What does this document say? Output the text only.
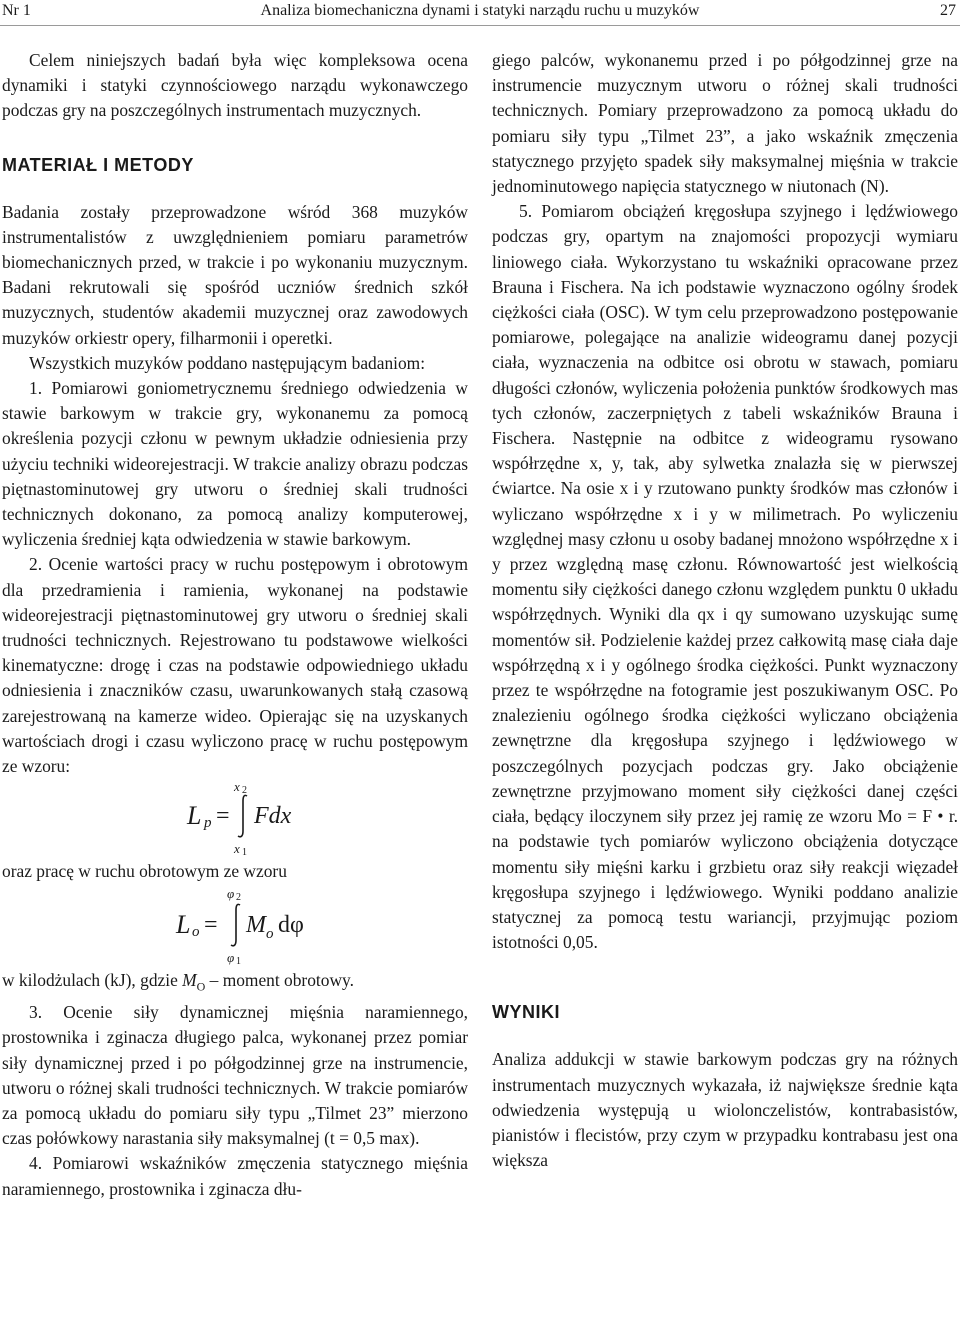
Nr 1	Analiza biomechaniczna dynami i statyki narządu ruchu u muzyków	27

Celem niniejszych badań była więc kompleksowa ocena dynamiki i statyki czynnościowego narządu wykonawczego podczas gry na poszczególnych instrumentach muzycznych.

MATERIAŁ I METODY

Badania zostały przeprowadzone wśród 368 muzyków instrumentalistów z uwzględnieniem pomiaru parametrów biomechanicznych przed, w trakcie i po wykonaniu muzycznym. Badani rekrutowali się spośród uczniów średnich szkół muzycznych, studentów akademii muzycznej oraz zawodowych muzyków orkiestr opery, filharmonii i operetki.

Wszystkich muzyków poddano następującym badaniom:

1. Pomiarowi goniometrycznemu średniego odwiedzenia w stawie barkowym w trakcie gry, wykonanemu za pomocą określenia pozycji członu w pewnym układzie odniesienia przy użyciu techniki wideorejestracji. W trakcie analizy obrazu podczas piętnastominutowej gry utworu o średniej skali trudności technicznych dokonano, za pomocą analizy komputerowej, wyliczenia średniej kąta odwiedzenia w stawie barkowym.

2. Ocenie wartości pracy w ruchu postępowym i obrotowym dla przedramienia i ramienia, wykonanej na podstawie wideorejestracji piętnastominutowej gry utworu o średniej skali trudności technicznych. Rejestrowano tu podstawowe wielkości kinematyczne: drogę i czas na podstawie odpowiedniego układu odniesienia i znaczników czasu, uwarunkowanych stałą czasową zarejestrowaną na kamerze wideo. Opierając się na uzyskanych wartościach drogi i czasu wyliczono pracę w ruchu postępowym ze wzoru:

x 2
L p = Fdx
x 1

oraz pracę w ruchu obrotowym ze wzoru

φ 2
L o = M o dφ
φ 1

w kilodżulach (kJ), gdzie $M_O$ – moment obrotowy.

3. Ocenie siły dynamicznej mięśnia naramiennego, prostownika i zginacza długiego palca, wykonanej przez pomiar siły dynamicznej przed i po półgodzinnej grze na instrumencie, utworu o różnej skali trudności technicznych. W trakcie pomiarów za pomocą układu do pomiaru siły typu „Tilmet 23” mierzono czas połówkowy narastania siły maksymalnej (t = 0,5 max).

4. Pomiarowi wskaźników zmęczenia statycznego mięśnia naramiennego, prostownika i zginacza dłu-

giego palców, wykonanemu przed i po półgodzinnej grze na instrumencie muzycznym utworu o różnej skali trudności technicznych. Pomiary przeprowadzono za pomocą układu do pomiaru siły typu „Tilmet 23”, a jako wskaźnik zmęczenia statycznego przyjęto spadek siły maksymalnej mięśnia w trakcie jednominutowego napięcia statycznego w niutonach (N).

5. Pomiarom obciążeń kręgosłupa szyjnego i lędźwiowego podczas gry, opartym na znajomości propozycji wymiaru liniowego ciała. Wykorzystano tu wskaźniki opracowane przez Brauna i Fischera. Na ich podstawie wyznaczono ogólny środek ciężkości ciała (OSC). W tym celu przeprowadzono postępowanie pomiarowe, polegające na analizie wideogramu danej pozycji ciała, wyznaczenia na odbitce osi obrotu w stawach, pomiaru długości członów, wyliczenia położenia punktów środkowych mas tych członów, zaczerpniętych z tabeli wskaźników Brauna i Fischera. Następnie na odbitce z wideogramu rysowano współrzędne x, y, tak, aby sylwetka znalazła się w pierwszej ćwiartce. Na osie x i y rzutowano punkty środków mas członów i wyliczano współrzędne x i y w milimetrach. Po wyliczeniu względnej masy członu u osoby badanej mnożono współrzędne x i y przez względną masę członu. Równowartość jest wielkością momentu siły ciężkości danego członu względem punktu 0 układu współrzędnych. Wyniki dla qx i qy sumowano uzyskując sumę momentów sił. Podzielenie każdej przez całkowitą masę ciała daje współrzędną x i y ogólnego środka ciężkości. Punkt wyznaczony przez te współrzędne na fotogramie jest poszukiwanym OSC. Po znalezieniu ogólnego środka ciężkości wyliczano obciążenia zewnętrzne dla kręgosłupa szyjnego i lędźwiowego w poszczególnych pozycjach podczas gry. Jako obciążenie zewnętrzne przyjmowano moment siły ciężkości danej części ciała, będący iloczynem siły przez jej ramię ze wzoru Mo = F • r. na podstawie tych pomiarów wyliczono obciążenia dotyczące momentu siły mięśni karku i grzbietu oraz siły reakcji więzadeł kręgosłupa szyjnego i lędźwiowego. Wyniki poddano analizie statycznej za pomocą testu wariancji, przyjmując poziom istotności 0,05.

WYNIKI

Analiza addukcji w stawie barkowym podczas gry na różnych instrumentach muzycznych wykazała, iż największe średnie kąta odwiedzenia występują u wiolonczelistów, kontrabasistów, pianistów i flecistów, przy czym w przypadku kontrabasu jest ona większa
